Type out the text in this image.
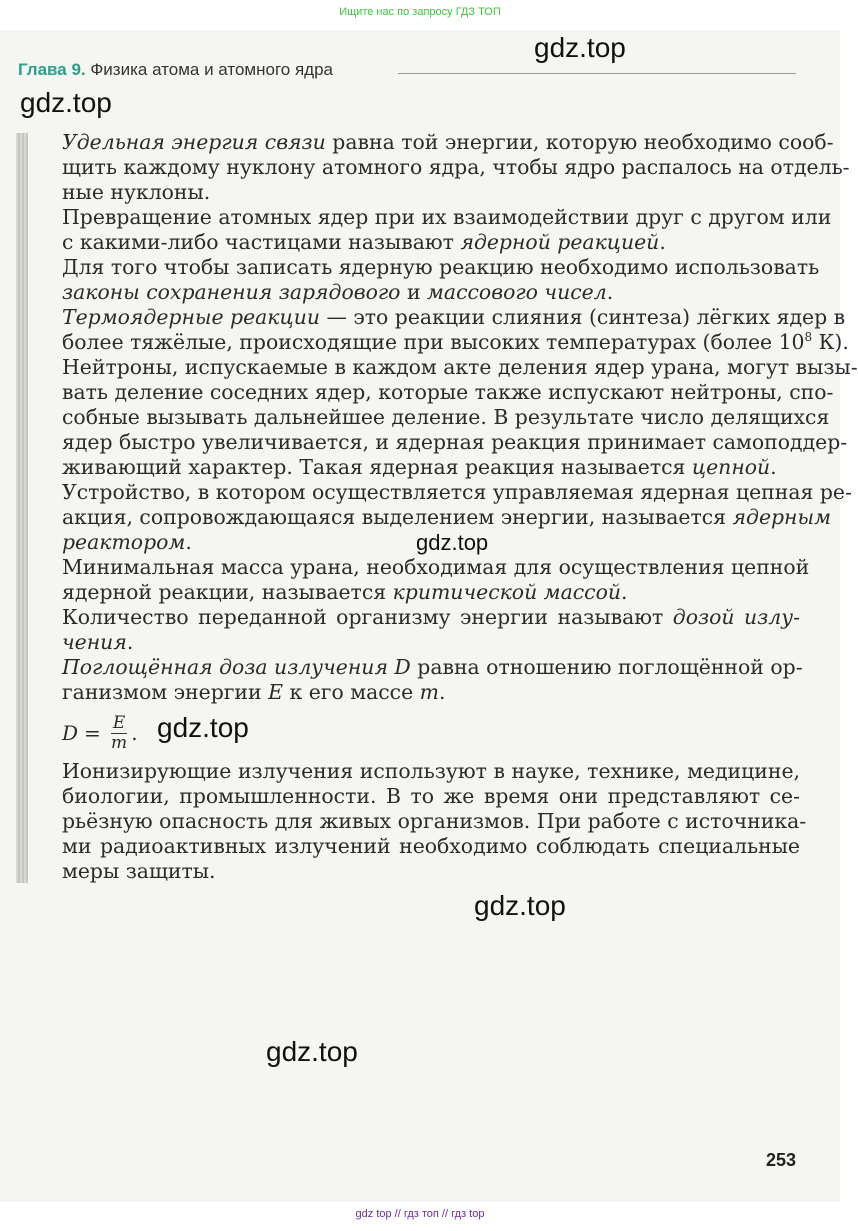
Ищите нас по запросу ГДЗ ТОП
Глава 9. Физика атома и атомного ядра
Удельная энергия связи равна той энергии, которую необходимо сооб-
щить каждому нуклону атомного ядра, чтобы ядро распалось на отдель-
ные нуклоны.
Превращение атомных ядер при их взаимодействии друг с другом или
с какими-либо частицами называют ядерной реакцией.
Для того чтобы записать ядерную реакцию необходимо использовать
законы сохранения зарядового и массового чисел.
Термоядерные реакции — это реакции слияния (синтеза) лёгких ядер в
более тяжёлые, происходящие при высоких температурах (более $10^8$ К).
Нейтроны, испускаемые в каждом акте деления ядер урана, могут вызы-
вать деление соседних ядер, которые также испускают нейтроны, спо-
собные вызывать дальнейшее деление. В результате число делящихся
ядер быстро увеличивается, и ядерная реакция принимает самоподдер-
живающий характер. Такая ядерная реакция называется цепной.
Устройство, в котором осуществляется управляемая ядерная цепная ре-
акция, сопровождающаяся выделением энергии, называется ядерным
реактором.
Минимальная масса урана, необходимая для осуществления цепной
ядерной реакции, называется критической массой.
Количество переданной организму энергии называют дозой излу-
чения.
Поглощённая доза излучения D равна отношению поглощённой ор-
ганизмом энергии E к его массе m.
$D = \frac{E}{m}$ .
Ионизирующие излучения используют в науке, технике, медицине,
биологии, промышленности. В то же время они представляют се-
рьёзную опасность для живых организмов. При работе с источника-
ми радиоактивных излучений необходимо соблюдать специальные
меры защиты.
gdz.top
gdz.top
gdz.top
gdz.top
gdz.top
gdz.top
253
gdz top // гдз топ // гдз top
